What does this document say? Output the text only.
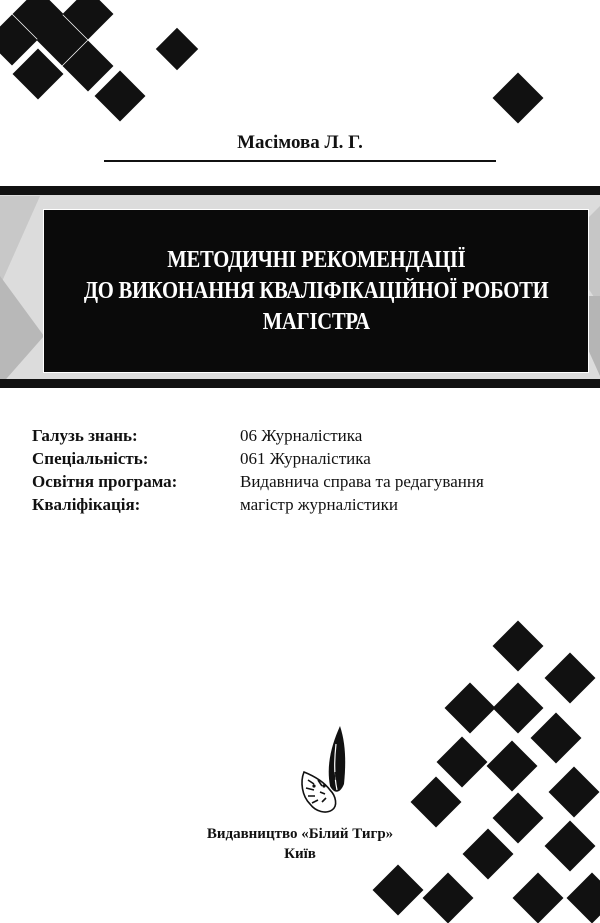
Масімова Л. Г.
МЕТОДИЧНІ РЕКОМЕНДАЦІЇ
ДО ВИКОНАННЯ КВАЛІФІКАЦІЙНОЇ РОБОТИ
МАГІСТРА
Галузь знань:	06 Журналістика
Спеціальність:	061 Журналістика
Освітня програма:	Видавнича справа та редагування
Кваліфікація:	магістр журналістики
Видавництво «Білий Тигр»
Київ
